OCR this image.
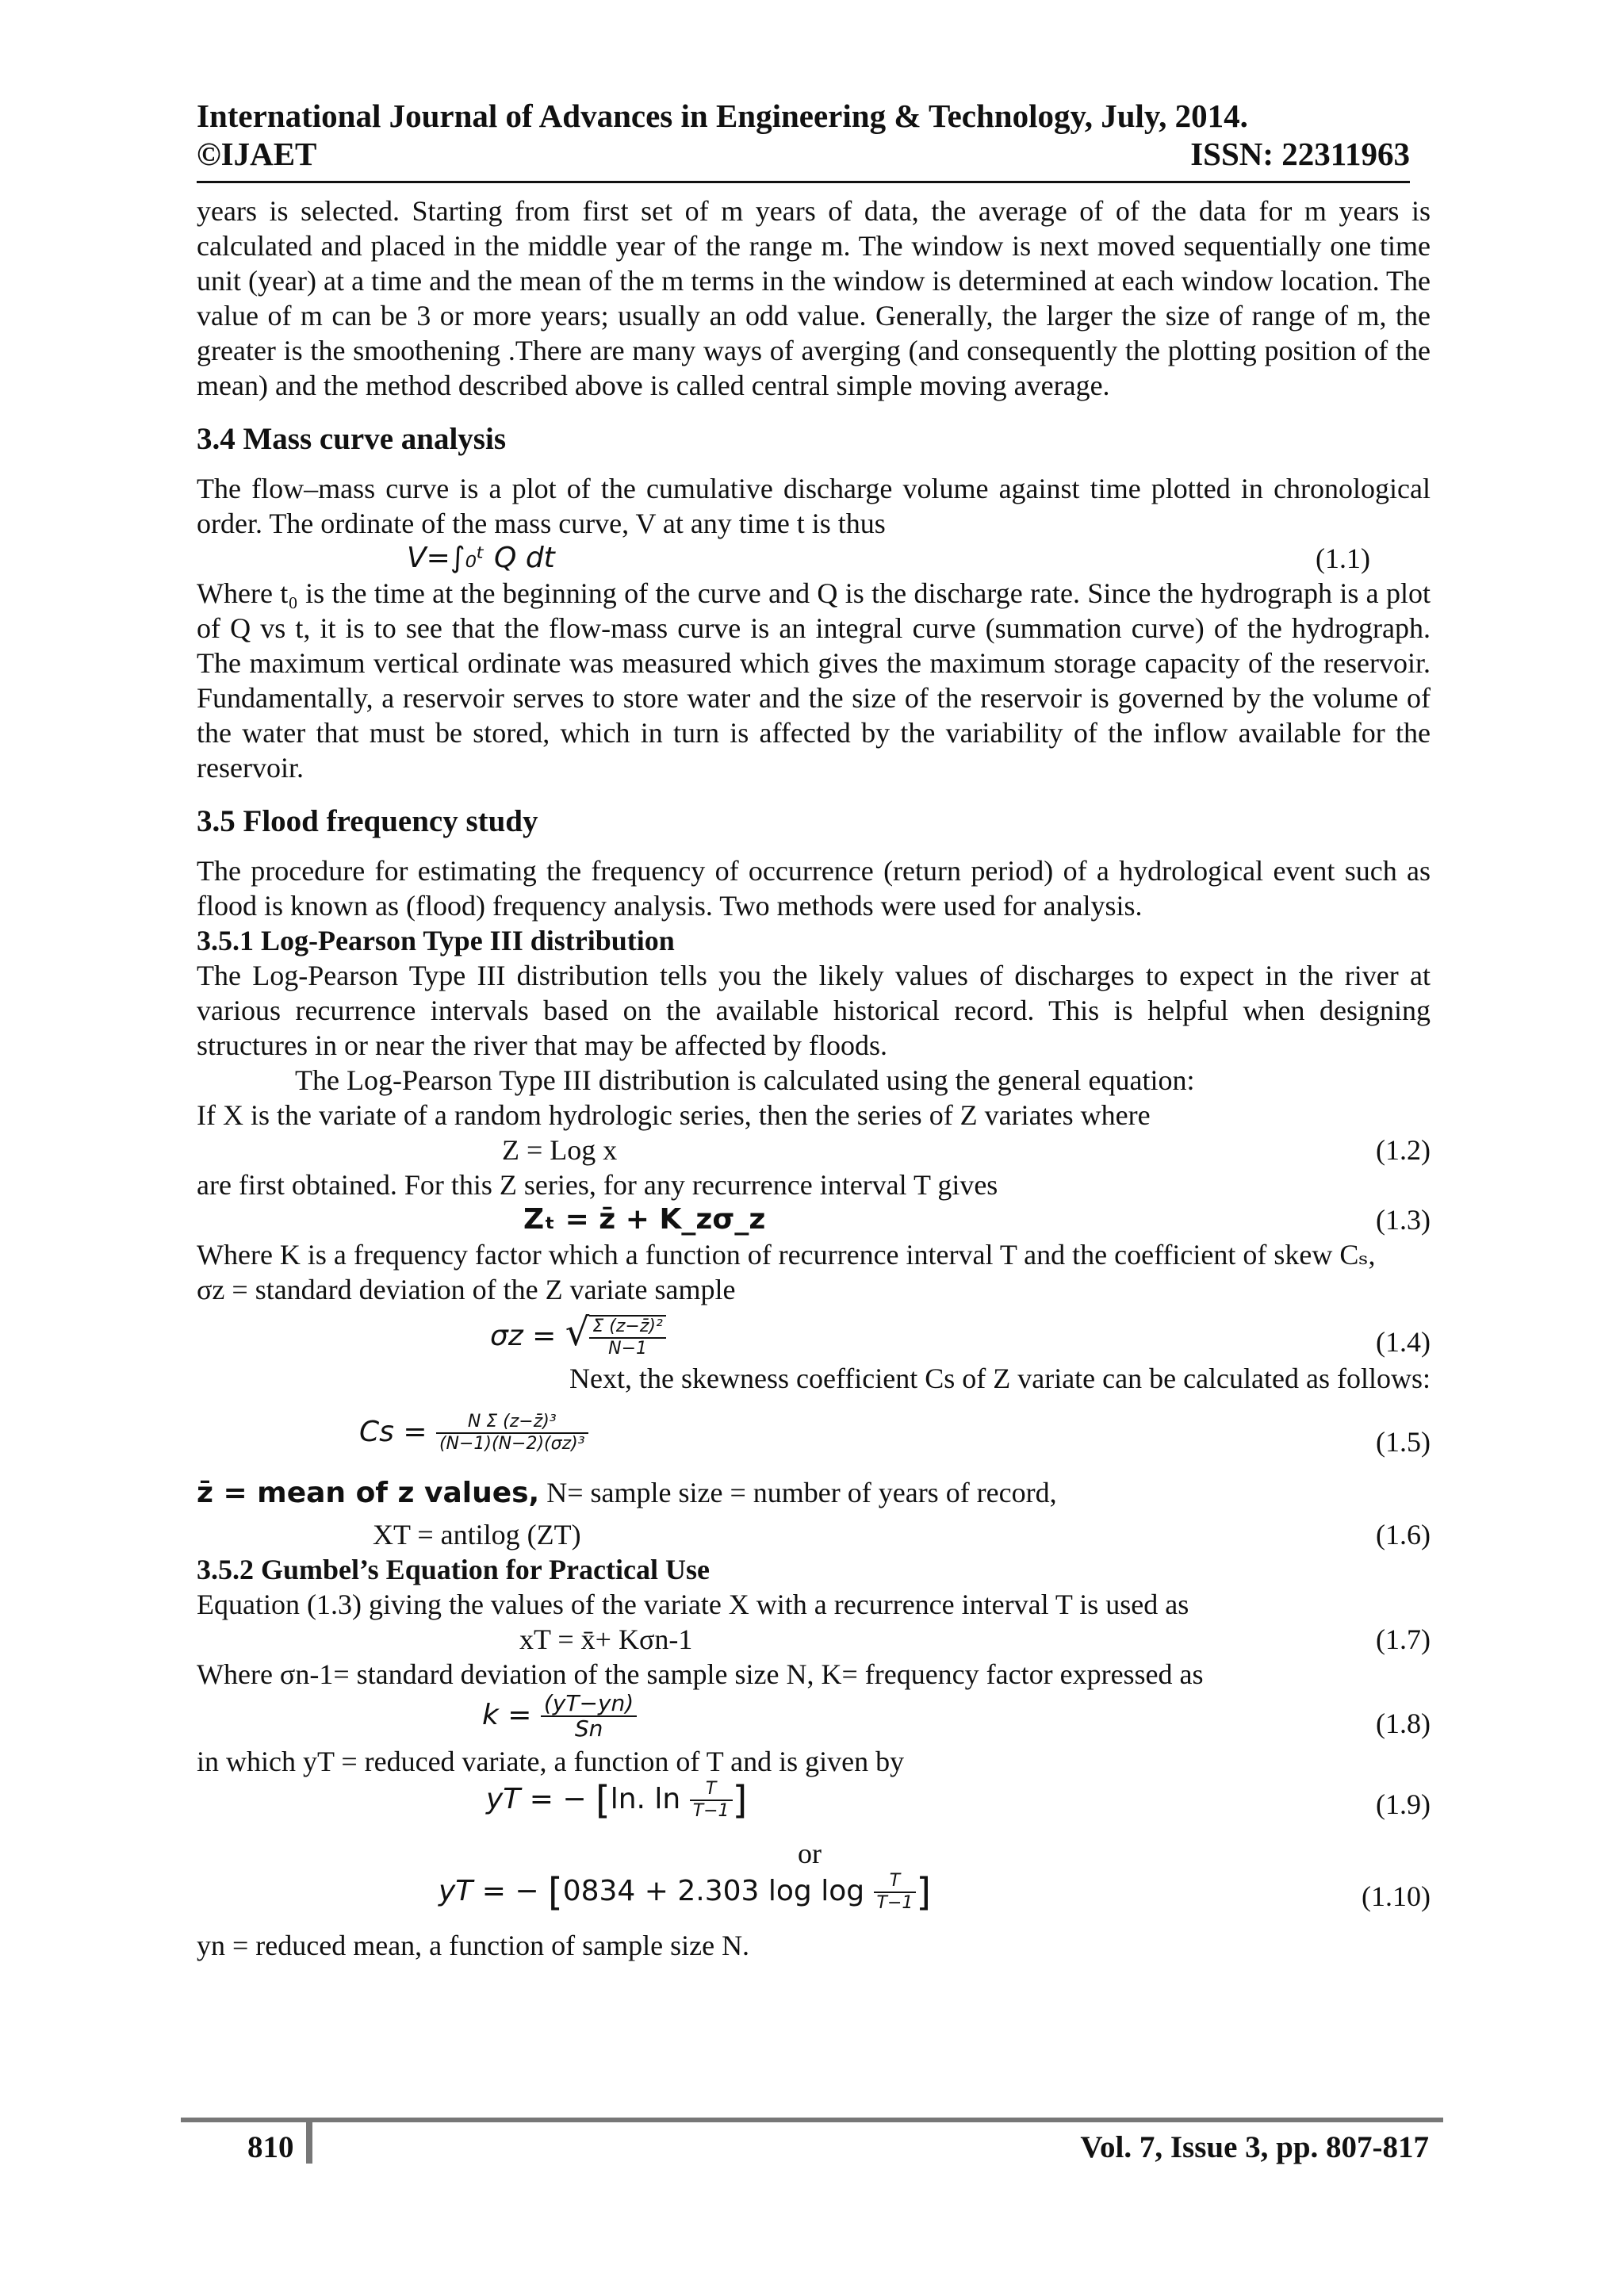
International Journal of Advances in Engineering & Technology, July, 2014.
©IJAET	ISSN: 22311963

years is selected. Starting from first set of m years of data, the average of of the data for m years is calculated and placed in the middle year of the range m. The window is next moved sequentially one time unit (year) at a time and the mean of the m terms in the window is determined at each window location. The value of m can be 3 or more years; usually an odd value. Generally, the larger the size of range of m, the greater is the smoothening .There are many ways of averging (and consequently the plotting position of the mean) and the method described above is called central simple moving average.

3.4 Mass curve analysis

The flow–mass curve is a plot of the cumulative discharge volume against time plotted in chronological order. The ordinate of the mass curve, V at any time t is thus

V=∫₀ᵗ Q dt	(1.1)

Where t₀ is the time at the beginning of the curve and Q is the discharge rate. Since the hydrograph is a plot of Q vs t, it is to see that the flow-mass curve is an integral curve (summation curve) of the hydrograph. The maximum vertical ordinate was measured which gives the maximum storage capacity of the reservoir. Fundamentally, a reservoir serves to store water and the size of the reservoir is governed by the volume of the water that must be stored, which in turn is affected by the variability of the inflow available for the reservoir.

3.5 Flood frequency study

The procedure for estimating the frequency of occurrence (return period) of a hydrological event such as flood is known as (flood) frequency analysis. Two methods were used for analysis.

3.5.1 Log-Pearson Type III distribution

The Log-Pearson Type III distribution tells you the likely values of discharges to expect in the river at various recurrence intervals based on the available historical record. This is helpful when designing structures in or near the river that may be affected by floods.

The Log-Pearson Type III distribution is calculated using the general equation:

If X is the variate of a random hydrologic series, then the series of Z variates where

Z = Log x	(1.2)

are first obtained. For this Z series, for any recurrence interval T gives

Zₜ = z̄ + K_zσ_z	(1.3)

Where K is a frequency factor which a function of recurrence interval T and the coefficient of skew Cₛ,

σz = standard deviation of the Z variate sample

σz = √ $\frac{\text{Σ (z−z̄)²}}{N-1}$	(1.4)

Next, the skewness coefficient Cs of Z variate can be calculated as follows:

$Cs = \frac{\text{N Σ (z−z̄)³}}{\text{(N−1)(N−2)(σz)³}}$	(1.5)
z̄ = mean of z values, N= sample size = number of years of record,
XT = antilog (ZT)	(1.6)
3.5.2 Gumbel’s Equation for Practical Use

Equation (1.3) giving the values of the variate X with a recurrence interval T is used as

xT = x̄+ Kσn-1	(1.7)

Where σn-1= standard deviation of the sample size N, K= frequency factor expressed as

$k = \frac{(yT-yn)}{Sn}$	(1.8)

in which yT = reduced variate, a function of T and is given by

yT = − [ln. $\ln \frac{T}{T-1}$ ]	(1.9)
or
yT = − [0834 + 2.303 $\log \log \frac{T}{T-1}$ ]	(1.10)

yn = reduced mean, a function of sample size N.

810	Vol. 7, Issue 3, pp. 807-817
